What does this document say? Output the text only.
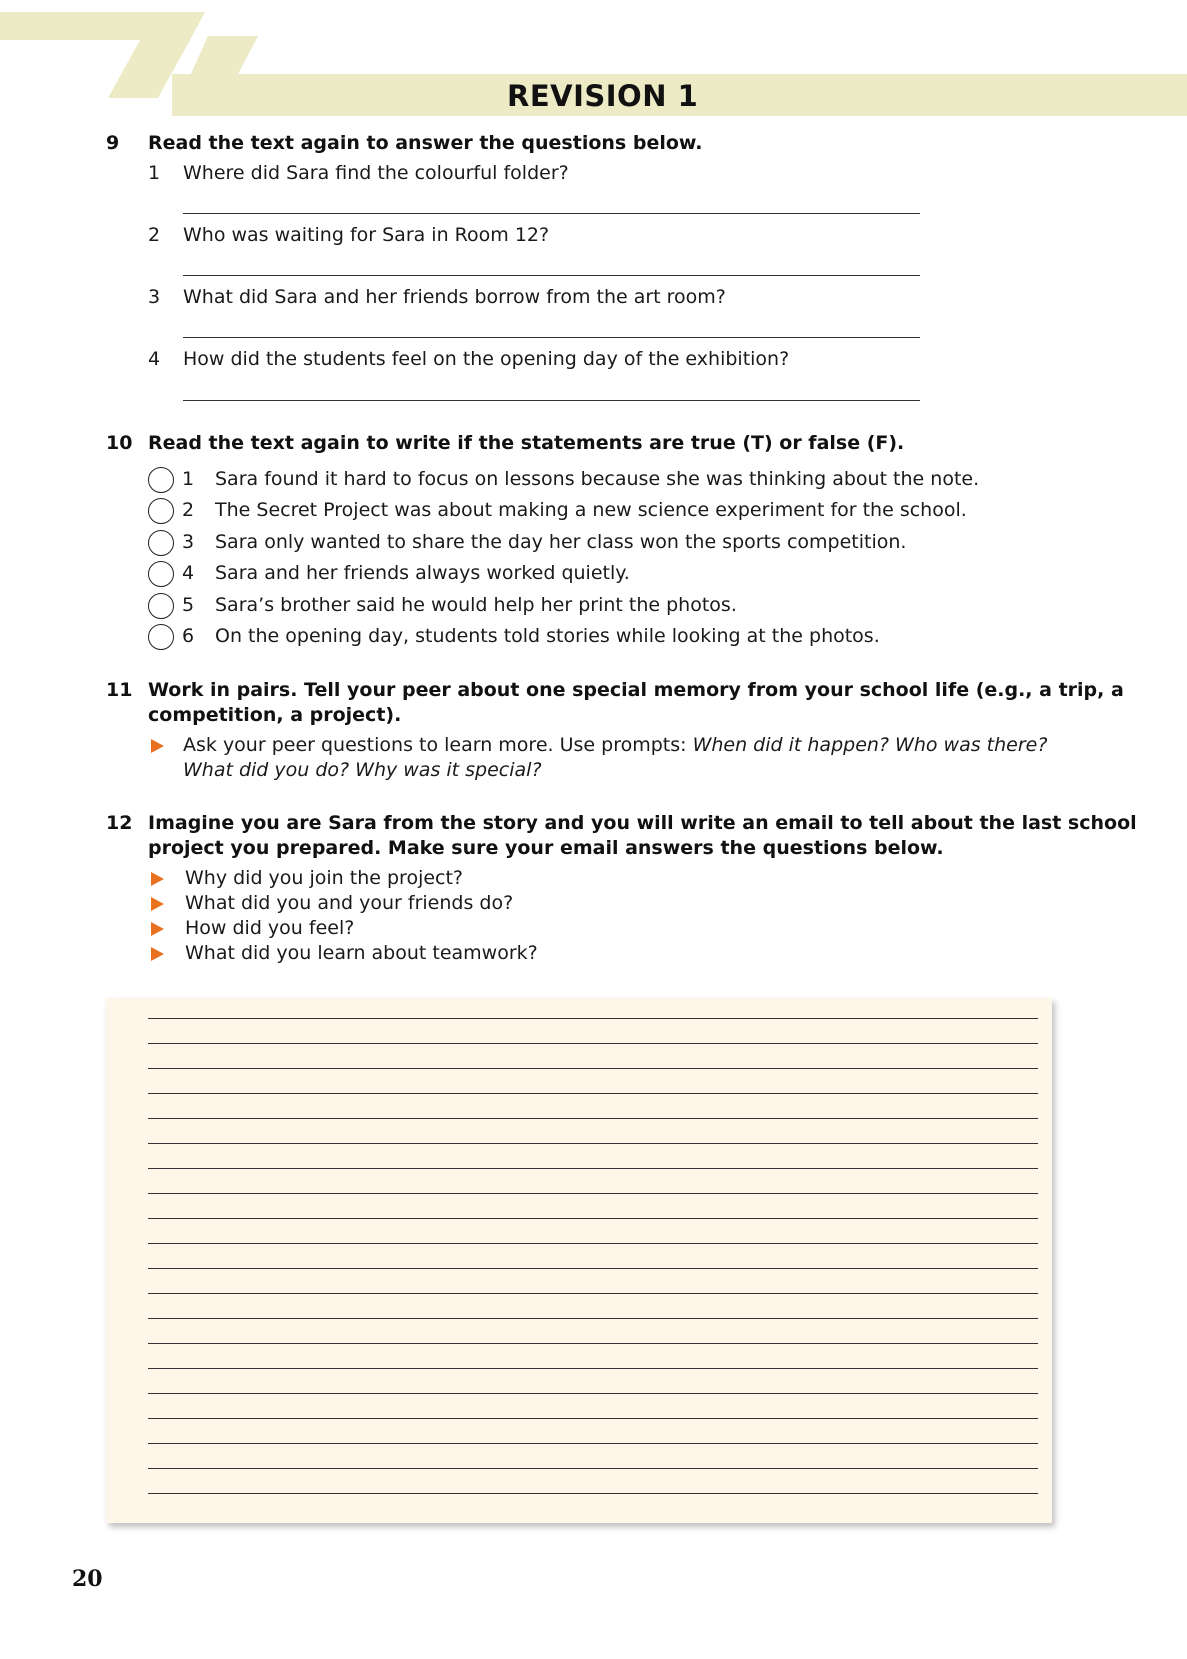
REVISION 1
9 Read the text again to answer the questions below.
1 Where did Sara find the colourful folder?
2 Who was waiting for Sara in Room 12?
3 What did Sara and her friends borrow from the art room?
4 How did the students feel on the opening day of the exhibition?
10 Read the text again to write if the statements are true (T) or false (F).
1 Sara found it hard to focus on lessons because she was thinking about the note.
2 The Secret Project was about making a new science experiment for the school.
3 Sara only wanted to share the day her class won the sports competition.
4 Sara and her friends always worked quietly.
5 Sara’s brother said he would help her print the photos.
6 On the opening day, students told stories while looking at the photos.
11 Work in pairs. Tell your peer about one special memory from your school life (e.g., a trip, a
competition, a project).
Ask your peer questions to learn more. Use prompts: When did it happen? Who was there?
What did you do? Why was it special?
12 Imagine you are Sara from the story and you will write an email to tell about the last school
project you prepared. Make sure your email answers the questions below.
Why did you join the project?
What did you and your friends do?
How did you feel?
What did you learn about teamwork?
20
